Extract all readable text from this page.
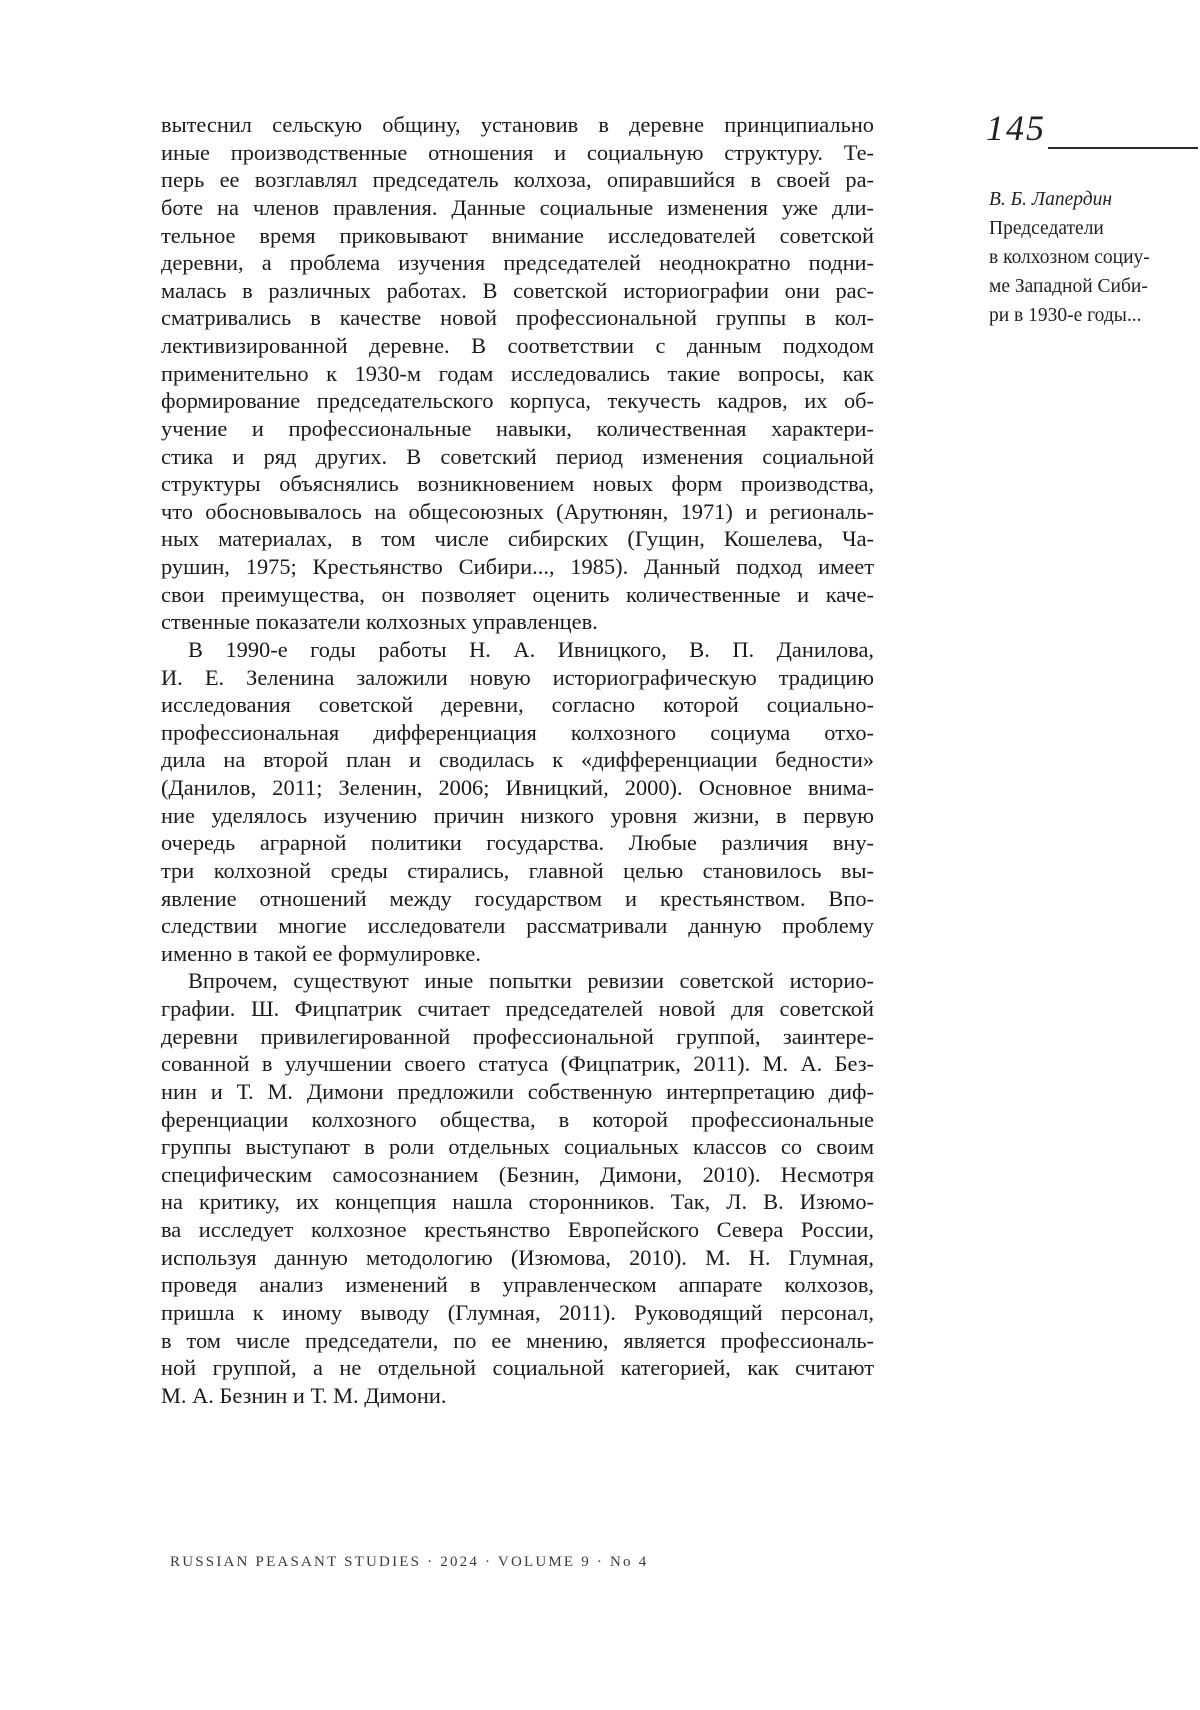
вытеснил сельскую общину, установив в деревне принципиально
иные производственные отношения и социальную структуру. Те-
перь ее возглавлял председатель колхоза, опиравшийся в своей ра-
боте на членов правления. Данные социальные изменения уже дли-
тельное время приковывают внимание исследователей советской
деревни, а проблема изучения председателей неоднократно подни-
малась в различных работах. В советской историографии они рас-
сматривались в качестве новой профессиональной группы в кол-
лективизированной деревне. В соответствии с данным подходом
применительно к 1930-м годам исследовались такие вопросы, как
формирование председательского корпуса, текучесть кадров, их об-
учение и профессиональные навыки, количественная характери-
стика и ряд других. В советский период изменения социальной
структуры объяснялись возникновением новых форм производства,
что обосновывалось на общесоюзных (Арутюнян, 1971) и региональ-
ных материалах, в том числе сибирских (Гущин, Кошелева, Ча-
рушин, 1975; Крестьянство Сибири..., 1985). Данный подход имеет
свои преимущества, он позволяет оценить количественные и каче-
ственные показатели колхозных управленцев.
В 1990-е годы работы Н. А. Ивницкого, В. П. Данилова,
И. Е. Зеленина заложили новую историографическую традицию
исследования советской деревни, согласно которой социально-
профессиональная дифференциация колхозного социума отхо-
дила на второй план и сводилась к «дифференциации бедности»
(Данилов, 2011; Зеленин, 2006; Ивницкий, 2000). Основное внима-
ние уделялось изучению причин низкого уровня жизни, в первую
очередь аграрной политики государства. Любые различия вну-
три колхозной среды стирались, главной целью становилось вы-
явление отношений между государством и крестьянством. Впо-
следствии многие исследователи рассматривали данную проблему
именно в такой ее формулировке.
Впрочем, существуют иные попытки ревизии советской историо-
графии. Ш. Фицпатрик считает председателей новой для советской
деревни привилегированной профессиональной группой, заинтере-
сованной в улучшении своего статуса (Фицпатрик, 2011). М. А. Без-
нин и Т. М. Димони предложили собственную интерпретацию диф-
ференциации колхозного общества, в которой профессиональные
группы выступают в роли отдельных социальных классов со своим
специфическим самосознанием (Безнин, Димони, 2010). Несмотря
на критику, их концепция нашла сторонников. Так, Л. В. Изюмо-
ва исследует колхозное крестьянство Европейского Севера России,
используя данную методологию (Изюмова, 2010). М. Н. Глумная,
проведя анализ изменений в управленческом аппарате колхозов,
пришла к иному выводу (Глумная, 2011). Руководящий персонал,
в том числе председатели, по ее мнению, является профессиональ-
ной группой, а не отдельной социальной категорией, как считают
М. А. Безнин и Т. М. Димони.
145
В. Б. Лапердин
Председатели
в колхозном социу-
ме Западной Сиби-
ри в 1930-е годы...
RUSSIAN PEASANT STUDIES · 2024 · VOLUME 9 · No 4
